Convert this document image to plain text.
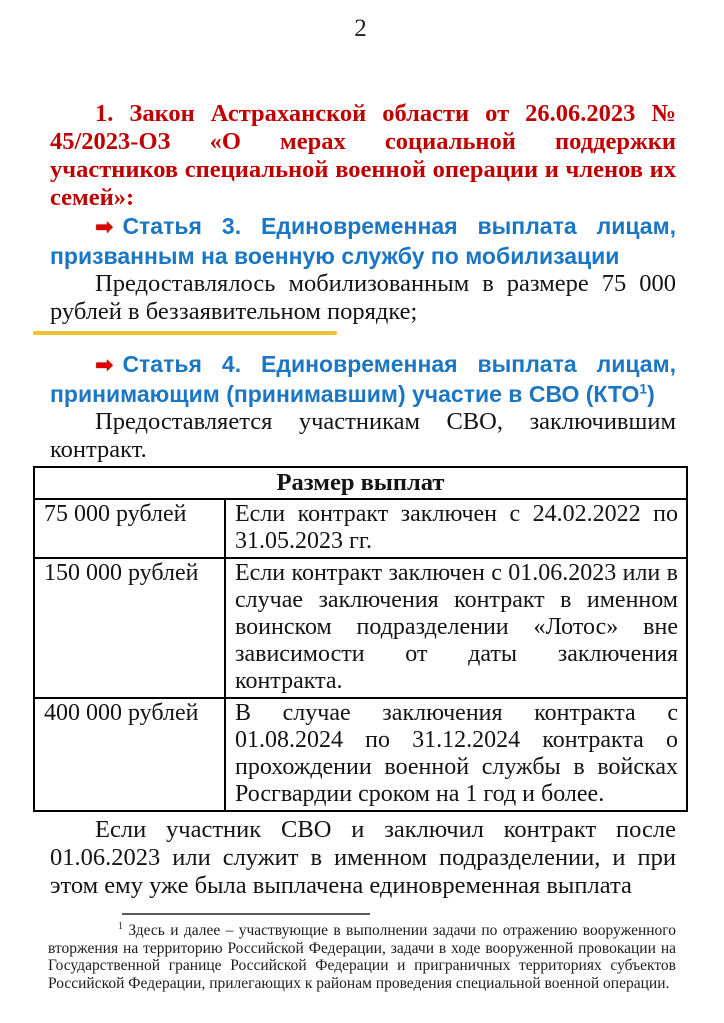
2
1. Закон Астраханской области от 26.06.2023 № 45/2023-ОЗ «О мерах социальной поддержки участников специальной военной операции и членов их семей»:
➡ Статья 3. Единовременная выплата лицам, призванным на военную службу по мобилизации
Предоставлялось мобилизованным в размере 75 000 рублей в беззаявительном порядке;
➡ Статья 4. Единовременная выплата лицам, принимающим (принимавшим) участие в СВО (КТО$^1$)
Предоставляется участникам СВО, заключившим контракт.
Размер выплат	
75 000 рублей	Если контракт заключен с 24.02.2022 по 31.05.2023 гг.
150 000 рублей	Если контракт заключен с 01.06.2023 или в случае заключения контракт в именном воинском подразделении «Лотос» вне зависимости от даты заключения контракта.
400 000 рублей	В случае заключения контракта с 01.08.2024 по 31.12.2024 контракта о прохождении военной службы в войсках Росгвардии сроком на 1 год и более.
Если участник СВО и заключил контракт после 01.06.2023 или служит в именном подразделении, и при этом ему уже была выплачена единовременная выплата
$^1$ Здесь и далее – участвующие в выполнении задачи по отражению вооруженного вторжения на территорию Российской Федерации, задачи в ходе вооруженной провокации на Государственной границе Российской Федерации и приграничных территориях субъектов Российской Федерации, прилегающих к районам проведения специальной военной операции.
